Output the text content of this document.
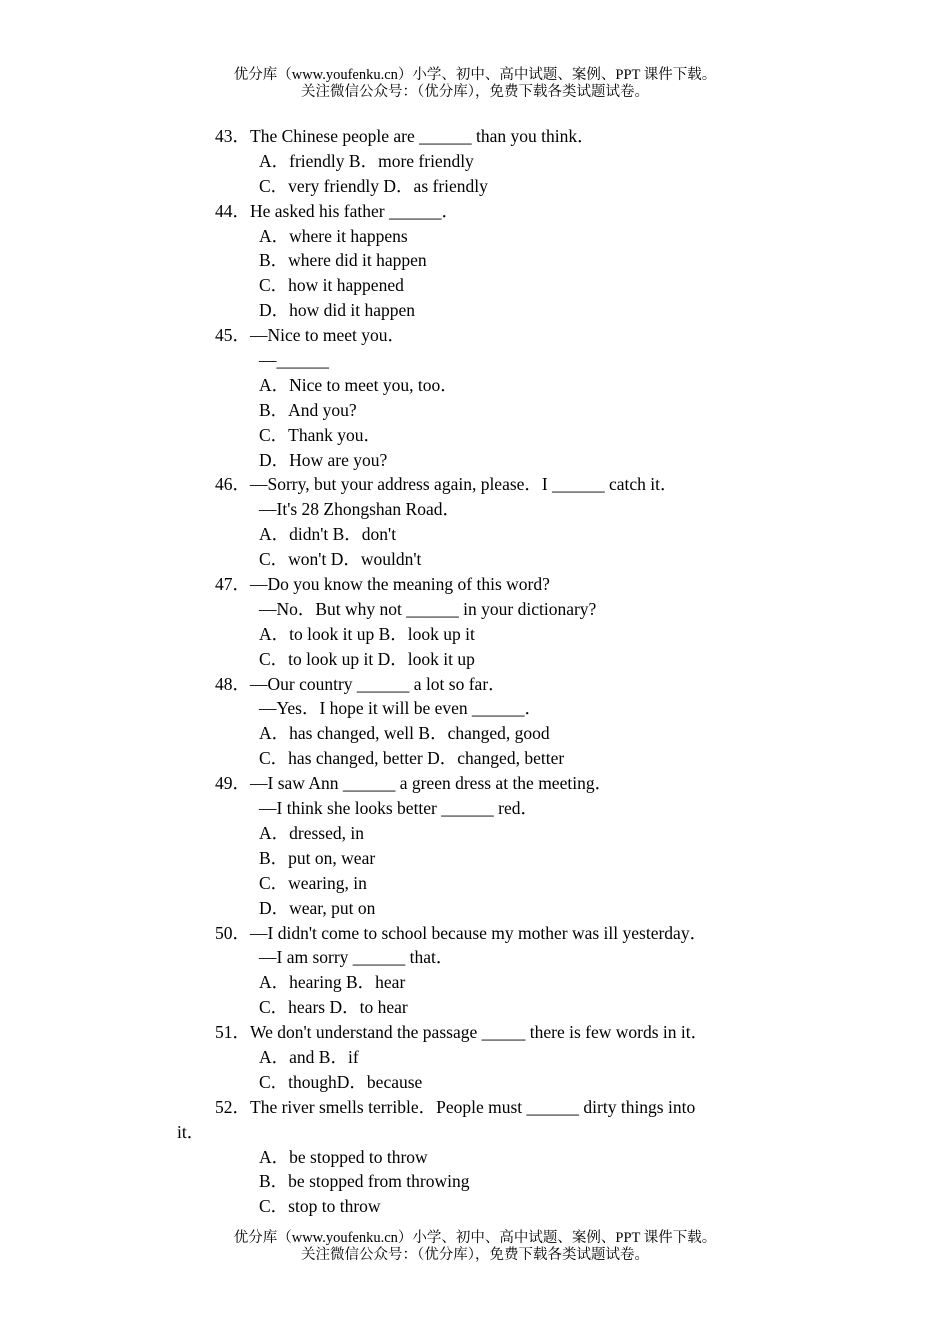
优分库（www.youfenku.cn）小学、初中、高中试题、案例、PPT 课件下载。
关注微信公众号：（优分库），免费下载各类试题试卷。
43．The Chinese people are ______ than you think．
A．friendly B．more friendly
C．very friendly D．as friendly
44．He asked his father ______．
A．where it happens
B．where did it happen
C．how it happened
D．how did it happen
45．—Nice to meet you．
—______
A．Nice to meet you, too．
B．And you?
C．Thank you．
D．How are you?
46．—Sorry, but your address again, please．I ______ catch it．
—It's 28 Zhongshan Road．
A．didn't B．don't
C．won't D．wouldn't
47．—Do you know the meaning of this word?
—No．But why not ______ in your dictionary?
A．to look it up B．look up it
C．to look up it D．look it up
48．—Our country ______ a lot so far．
—Yes．I hope it will be even ______．
A．has changed, well B．changed, good
C．has changed, better D．changed, better
49．—I saw Ann ______ a green dress at the meeting．
—I think she looks better ______ red．
A．dressed, in
B．put on, wear
C．wearing, in
D．wear, put on
50．—I didn't come to school because my mother was ill yesterday．
—I am sorry ______ that．
A．hearing B．hear
C．hears D．to hear
51．We don't understand the passage _____ there is few words in it．
A．and B．if
C．thoughD．because
52．The river smells terrible．People must ______ dirty things into
it．
A．be stopped to throw
B．be stopped from throwing
C．stop to throw
优分库（www.youfenku.cn）小学、初中、高中试题、案例、PPT 课件下载。
关注微信公众号：（优分库），免费下载各类试题试卷。
